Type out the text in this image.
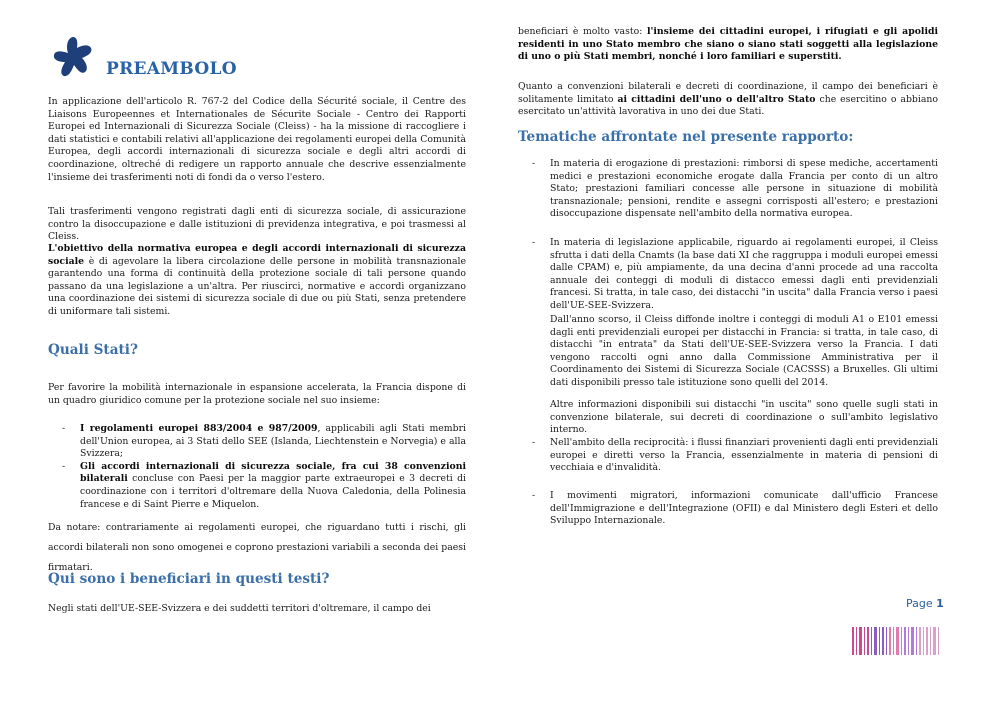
PREAMBOLO

In applicazione dell'articolo R. 767-2 del Codice della Sécurité sociale, il Centre des Liaisons Europeennes et Internationales de Sécurite Sociale - Centro dei Rapporti Europei ed Internazionali di Sicurezza Sociale (Cleiss) - ha la missione di raccogliere i dati statistici e contabili relativi all'applicazione dei regolamenti europei della Comunità Europea, degli accordi internazionali di sicurezza sociale e degli altri accordi di coordinazione, oltreché di redigere un rapporto annuale che descrive essenzialmente l'insieme dei trasferimenti noti di fondi da o verso l'estero.

Tali trasferimenti vengono registrati dagli enti di sicurezza sociale, di assicurazione contro la disoccupazione e dalle istituzioni di previdenza integrativa, e poi trasmessi al Cleiss.

L'obiettivo della normativa europea e degli accordi internazionali di sicurezza sociale è di agevolare la libera circolazione delle persone in mobilità transnazionale garantendo una forma di continuità della protezione sociale di tali persone quando passano da una legislazione a un'altra. Per riuscirci, normative e accordi organizzano una coordinazione dei sistemi di sicurezza sociale di due ou più Stati, senza pretendere di uniformare tali sistemi.

Quali Stati?

Per favorire la mobilità internazionale in espansione accelerata, la Francia dispone di un quadro giuridico comune per la protezione sociale nel suo insieme:

- I regolamenti europei 883/2004 e 987/2009, applicabili agli Stati membri dell'Union europea, ai 3 Stati dello SEE (Islanda, Liechtenstein e Norvegia) e alla Svizzera;
- Gli accordi internazionali di sicurezza sociale, fra cui 38 convenzioni bilaterali concluse con Paesi per la maggior parte extraeuropei e 3 decreti di coordinazione con i territori d'oltremare della Nuova Caledonia, della Polinesia francese e di Saint Pierre e Miquelon.

Da notare: contrariamente ai regolamenti europei, che riguardano tutti i rischi, gli accordi bilaterali non sono omogenei e coprono prestazioni variabili a seconda dei paesi firmatari.

Qui sono i beneficiari in questi testi?

Negli stati dell'UE-SEE-Svizzera e dei suddetti territori d'oltremare, il campo dei

beneficiari è molto vasto: l'insieme dei cittadini europei, i rifugiati e gli apolidi residenti in uno Stato membro che siano o siano stati soggetti alla legislazione di uno o più Stati membri, nonché i loro familiari e superstiti.

Quanto a convenzioni bilaterali e decreti di coordinazione, il campo dei beneficiari è solitamente limitato ai cittadini dell'uno o dell'altro Stato che esercitino o abbiano esercitato un'attività lavorativa in uno dei due Stati.

Tematiche affrontate nel presente rapporto:
- In materia di erogazione di prestazioni: rimborsi di spese mediche, accertamenti medici e prestazioni economiche erogate dalla Francia per conto di un altro Stato; prestazioni familiari concesse alle persone in situazione di mobilità transnazionale; pensioni, rendite e assegni corrisposti all'estero; e prestazioni disoccupazione dispensate nell'ambito della normativa europea.
- In materia di legislazione applicabile, riguardo ai regolamenti europei, il Cleiss sfrutta i dati della Cnamts (la base dati XI che raggruppa i moduli europei emessi dalle CPAM) e, più ampiamente, da una decina d'anni procede ad una raccolta annuale dei conteggi di moduli di distacco emessi dagli enti previdenziali francesi. Si tratta, in tale caso, dei distacchi "in uscita" dalla Francia verso i paesi dell'UE-SEE-Svizzera.

Dall'anno scorso, il Cleiss diffonde inoltre i conteggi di moduli A1 o E101 emessi dagli enti previdenziali europei per distacchi in Francia: si tratta, in tale caso, di distacchi "in entrata" da Stati dell'UE-SEE-Svizzera verso la Francia. I dati vengono raccolti ogni anno dalla Commissione Amministrativa per il Coordinamento dei Sistemi di Sicurezza Sociale (CACSSS) a Bruxelles. Gli ultimi dati disponibili presso tale istituzione sono quelli del 2014.

Altre informazioni disponibili sui distacchi "in uscita" sono quelle sugli stati in convenzione bilaterale, sui decreti di coordinazione o sull'ambito legislativo interno.

- Nell'ambito della reciprocità: i flussi finanziari provenienti dagli enti previdenziali europei e diretti verso la Francia, essenzialmente in materia di pensioni di vecchiaia e d'invalidità.
- I movimenti migratori, informazioni comunicate dall'ufficio Francese dell'Immigrazione e dell'Integrazione (OFII) e dal Ministero degli Esteri et dello Sviluppo Internazionale.
Page 1
